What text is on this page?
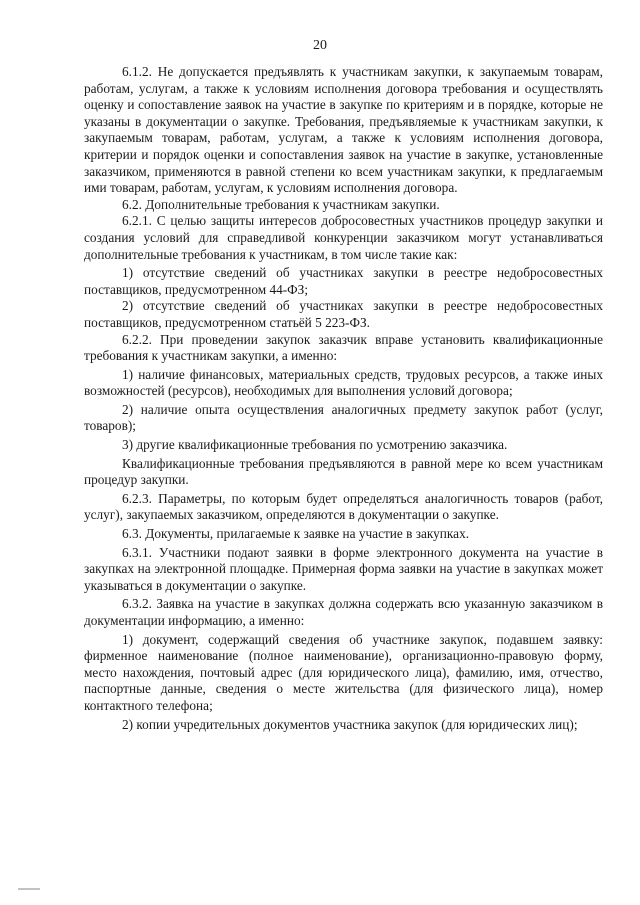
20

6.1.2. Не допускается предъявлять к участникам закупки, к закупаемым товарам, работам, услугам, а также к условиям исполнения договора требования и осуществлять оценку и сопоставление заявок на участие в закупке по критериям и в порядке, которые не указаны в документации о закупке. Требования, предъявляемые к участникам закупки, к закупаемым товарам, работам, услугам, а также к условиям исполнения договора, критерии и порядок оценки и сопоставления заявок на участие в закупке, установленные заказчиком, применяются в равной степени ко всем участникам закупки, к предлагаемым ими товарам, работам, услугам, к условиям исполнения договора.

6.2. Дополнительные требования к участникам закупки.

6.2.1. С целью защиты интересов добросовестных участников процедур закупки и создания условий для справедливой конкуренции заказчиком могут устанавливаться дополнительные требования к участникам, в том числе такие как:

1) отсутствие сведений об участниках закупки в реестре недобросовестных поставщиков, предусмотренном 44-ФЗ;

2) отсутствие сведений об участниках закупки в реестре недобросовестных поставщиков, предусмотренном статьёй 5 223-ФЗ.

6.2.2. При проведении закупок заказчик вправе установить квалификационные требования к участникам закупки, а именно:

1) наличие финансовых, материальных средств, трудовых ресурсов, а также иных возможностей (ресурсов), необходимых для выполнения условий договора;

2) наличие опыта осуществления аналогичных предмету закупок работ (услуг, товаров);

3) другие квалификационные требования по усмотрению заказчика.

Квалификационные требования предъявляются в равной мере ко всем участникам процедур закупки.

6.2.3. Параметры, по которым будет определяться аналогичность товаров (работ, услуг), закупаемых заказчиком, определяются в документации о закупке.

6.3. Документы, прилагаемые к заявке на участие в закупках.

6.3.1. Участники подают заявки в форме электронного документа на участие в закупках на электронной площадке. Примерная форма заявки на участие в закупках может указываться в документации о закупке.

6.3.2. Заявка на участие в закупках должна содержать всю указанную заказчиком в документации информацию, а именно:

1) документ, содержащий сведения об участнике закупок, подавшем заявку: фирменное наименование (полное наименование), организационно-правовую форму, место нахождения, почтовый адрес (для юридического лица), фамилию, имя, отчество, паспортные данные, сведения о месте жительства (для физического лица), номер контактного телефона;

2) копии учредительных документов участника закупок (для юридических лиц);
